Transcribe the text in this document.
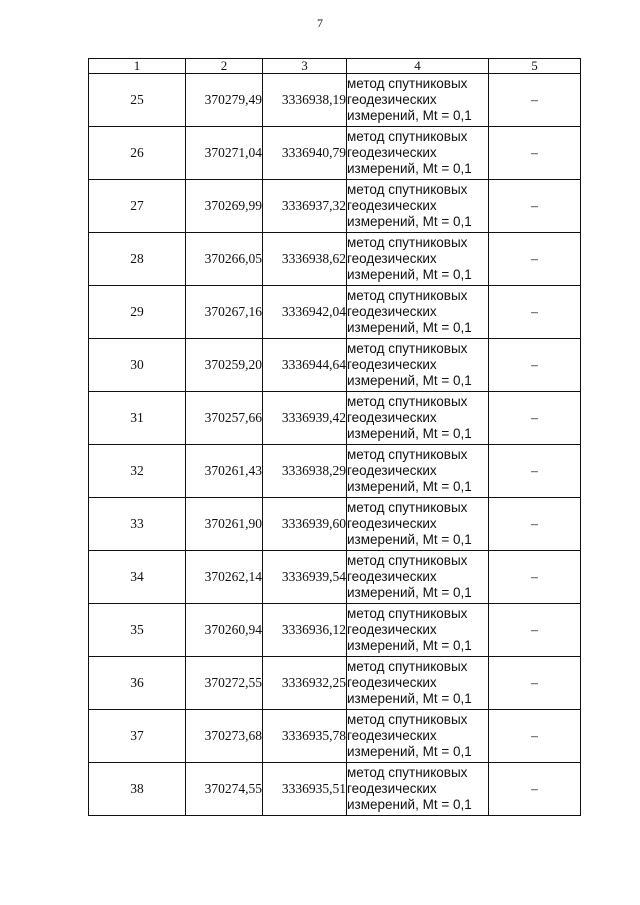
7
1	2	3	4	5
25	370279,49	3336938,19	метод спутниковых
геодезических
измерений, Mt = 0,1	–
26	370271,04	3336940,79	метод спутниковых
геодезических
измерений, Mt = 0,1	–
27	370269,99	3336937,32	метод спутниковых
геодезических
измерений, Mt = 0,1	–
28	370266,05	3336938,62	метод спутниковых
геодезических
измерений, Mt = 0,1	–
29	370267,16	3336942,04	метод спутниковых
геодезических
измерений, Mt = 0,1	–
30	370259,20	3336944,64	метод спутниковых
геодезических
измерений, Mt = 0,1	–
31	370257,66	3336939,42	метод спутниковых
геодезических
измерений, Mt = 0,1	–
32	370261,43	3336938,29	метод спутниковых
геодезических
измерений, Mt = 0,1	–
33	370261,90	3336939,60	метод спутниковых
геодезических
измерений, Mt = 0,1	–
34	370262,14	3336939,54	метод спутниковых
геодезических
измерений, Mt = 0,1	–
35	370260,94	3336936,12	метод спутниковых
геодезических
измерений, Mt = 0,1	–
36	370272,55	3336932,25	метод спутниковых
геодезических
измерений, Mt = 0,1	–
37	370273,68	3336935,78	метод спутниковых
геодезических
измерений, Mt = 0,1	–
38	370274,55	3336935,51	метод спутниковых
геодезических
измерений, Mt = 0,1	–
